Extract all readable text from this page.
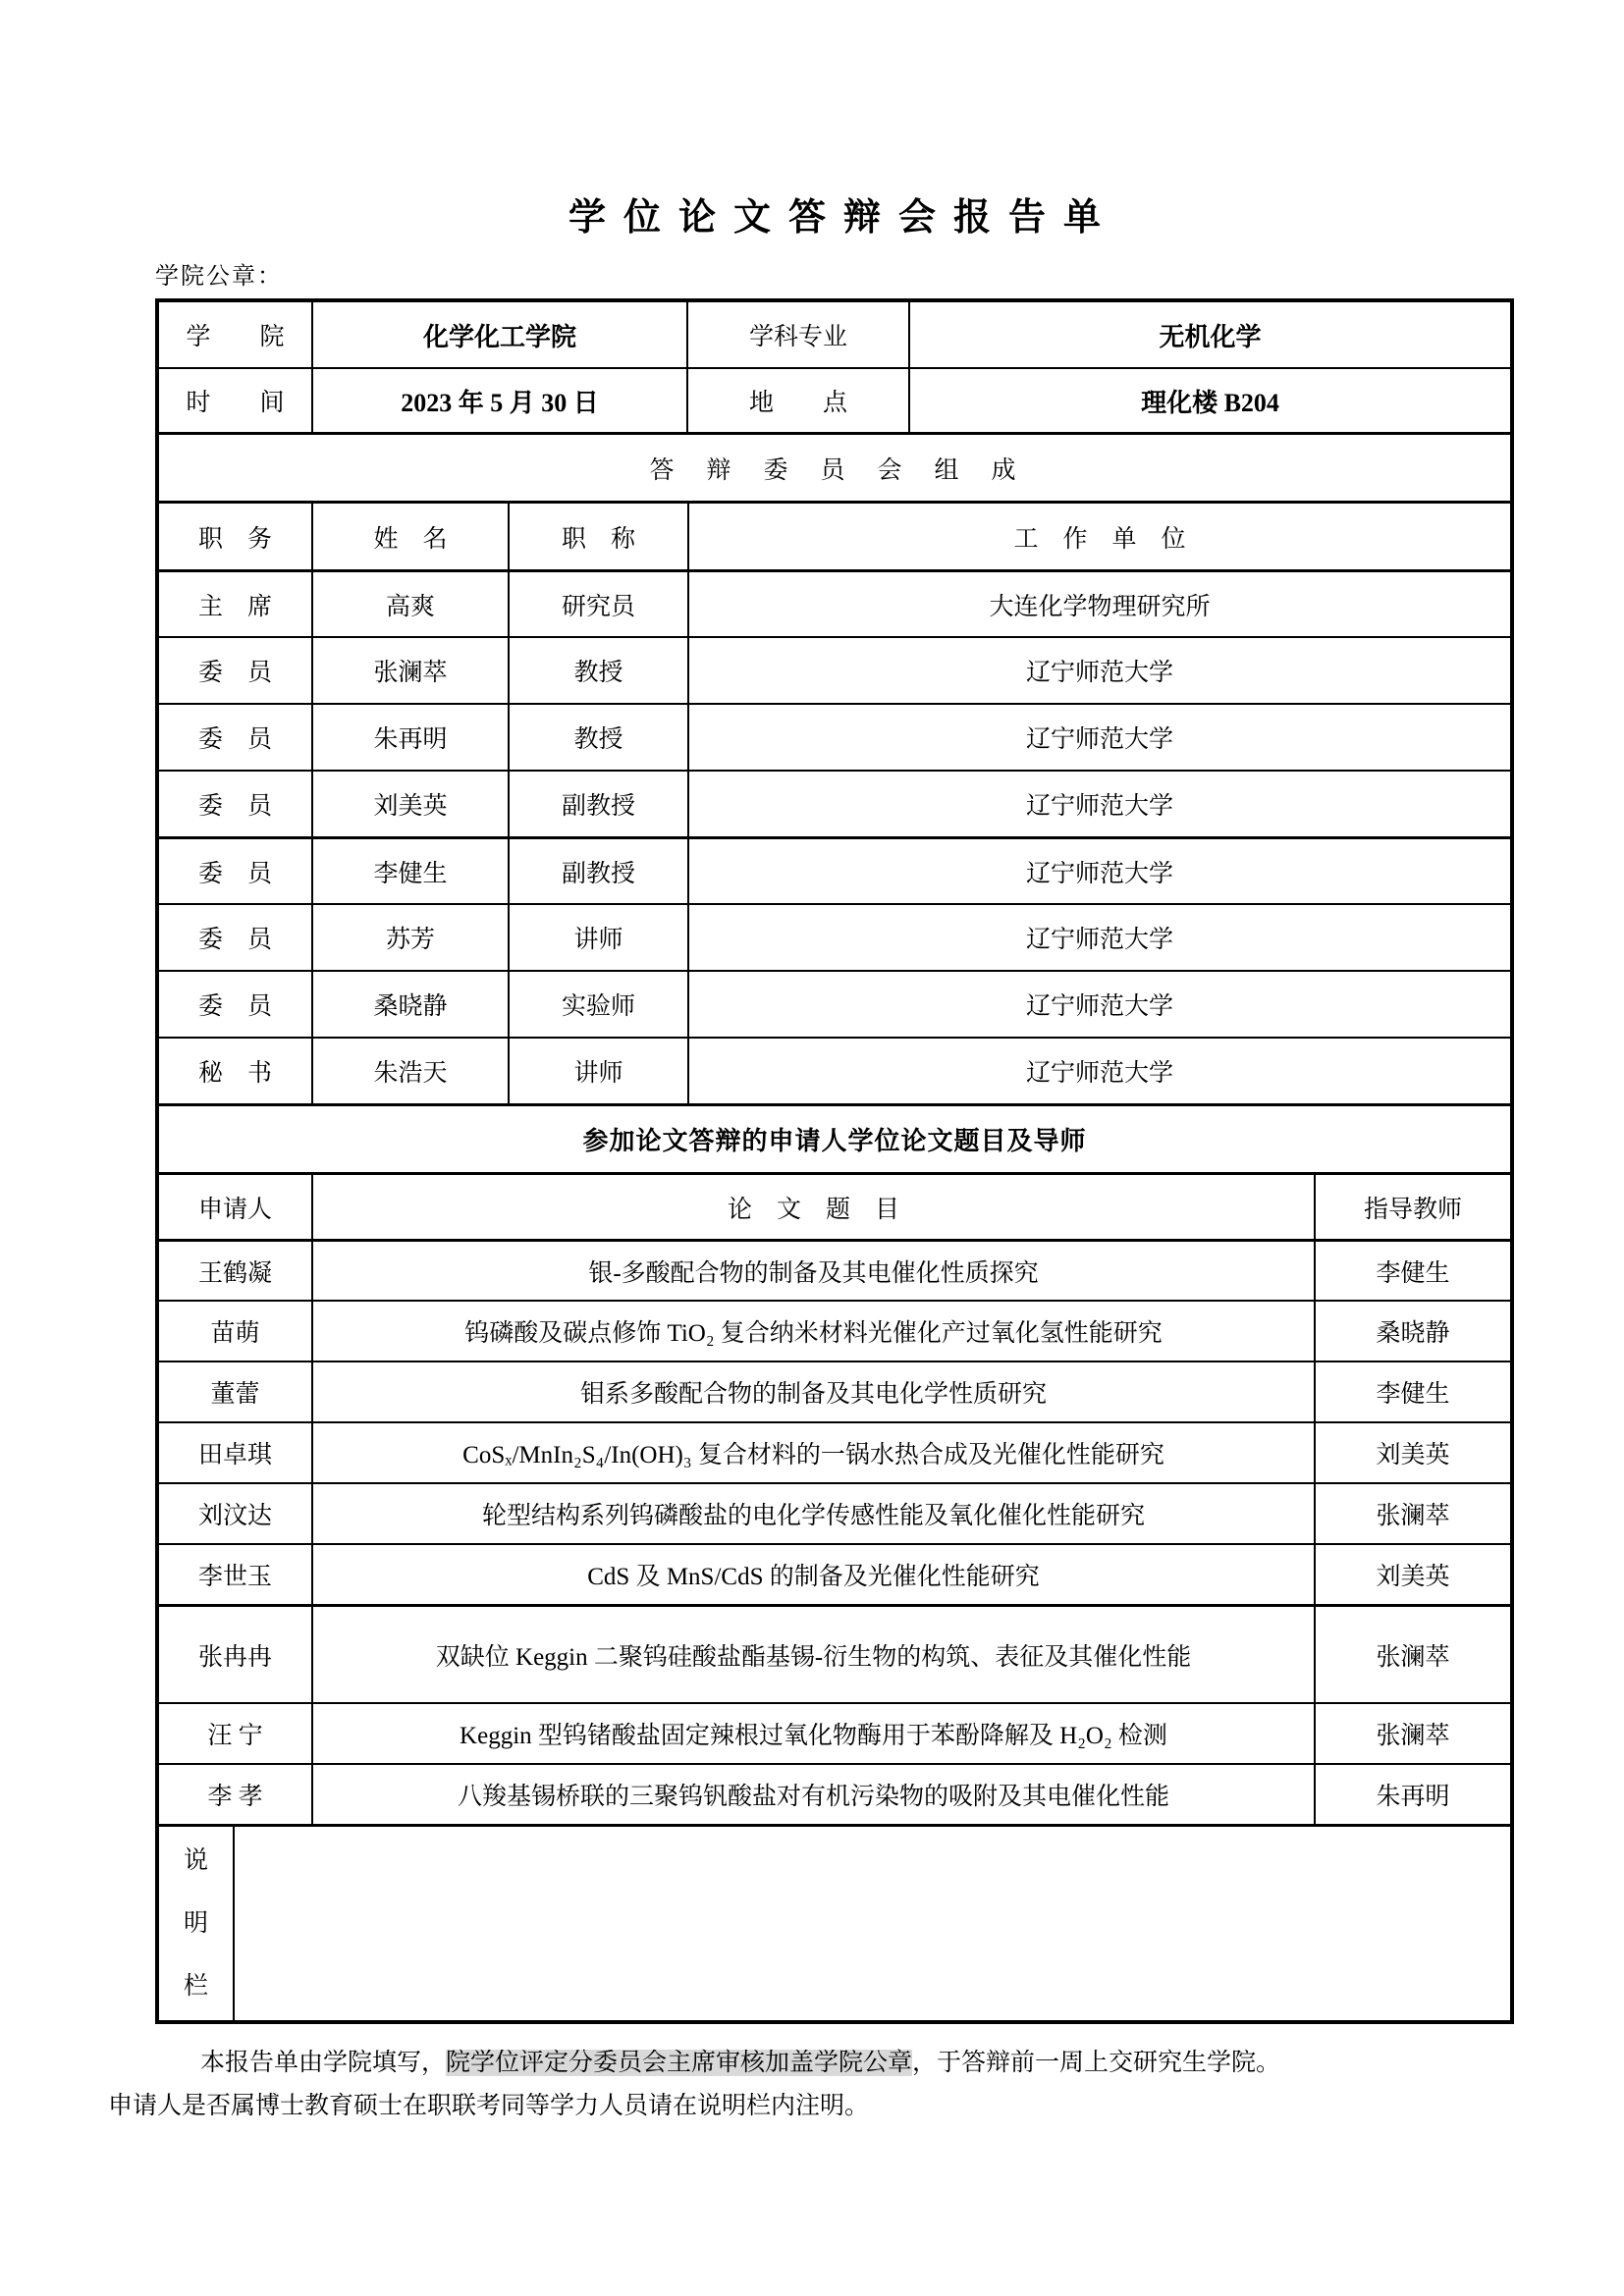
学位论文答辩会报告单
学院公章：
学　　院	化学化工学院	学科专业	无机化学
时　　间	2023 年 5 月 30 日	地　　点	理化楼 B204
答　辩　委　员　会　组　成
职　务	姓　名	职　称	工　作　单　位
主　席	高爽	研究员	大连化学物理研究所
委　员	张澜萃	教授	辽宁师范大学
委　员	朱再明	教授	辽宁师范大学
委　员	刘美英	副教授	辽宁师范大学
委　员	李健生	副教授	辽宁师范大学
委　员	苏芳	讲师	辽宁师范大学
委　员	桑晓静	实验师	辽宁师范大学
秘　书	朱浩天	讲师	辽宁师范大学
参加论文答辩的申请人学位论文题目及导师
申请人	论　文　题　目	指导教师
王鹤凝	银-多酸配合物的制备及其电催化性质探究	李健生
苗萌	钨磷酸及碳点修饰 TiO₂ 复合纳米材料光催化产过氧化氢性能研究	桑晓静
董蕾	钼系多酸配合物的制备及其电化学性质研究	李健生
田卓琪	CoSₓ/MnIn₂S₄/In(OH)₃ 复合材料的一锅水热合成及光催化性能研究	刘美英
刘汶达	轮型结构系列钨磷酸盐的电化学传感性能及氧化催化性能研究	张澜萃
李世玉	CdS 及 MnS/CdS 的制备及光催化性能研究	刘美英
张冉冉	双缺位 Keggin 二聚钨硅酸盐酯基锡-衍生物的构筑、表征及其催化性能	张澜萃
汪 宁	Keggin 型钨锗酸盐固定辣根过氧化物酶用于苯酚降解及 H₂O₂ 检测	张澜萃
李 孝	八羧基锡桥联的三聚钨钒酸盐对有机污染物的吸附及其电催化性能	朱再明
说明栏

本报告单由学院填写，院学位评定分委员会主席审核加盖学院公章，于答辩前一周上交研究生学院。

申请人是否属博士教育硕士在职联考同等学力人员请在说明栏内注明。
